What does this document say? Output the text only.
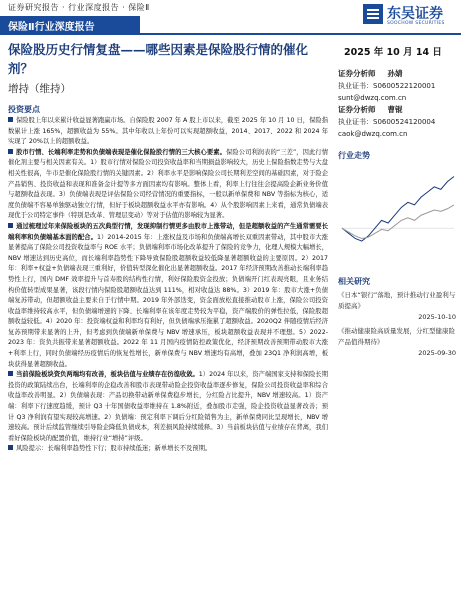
证券研究报告 · 行业深度报告 · 保险Ⅱ
保险Ⅱ行业深度报告
东吴证券
SOOCHOW SECURITIES
保险股历史行情复盘——哪些因素是保险股行情的催化剂？
增持（维持）
2025 年 10 月 14 日
证券分析师 孙婧
执业证书：S0600522120001
sunt@dwzq.com.cn
证券分析师 曹锟
执业证书：S0600524120004
caok@dwzq.com.cn
投资要点

保险股上年以来累计收益显著跑赢市场。自保险股 2007 年 A 股上市以来，截至 2025 年 10 月 10 日，保险指数累计上涨 165%，超额收益为 55%。其中年收以上年份可以实现超额收益，2014、2017、2022 和 2024 年实现了 20%以上的超额收益。

股市行情、长端利率走势和负债端表现是催化保险股行情的三大核心要素。保险公司利润表的“三差”，因此行情催化剂主要与相关因素有关。1）股市行情对保险公司投资收益率和当期损益影响较大，历史上保险指数走势与大盘相关性很高，牛市是催化保险股行情的关键因素。2）利率水平是影响保险公司长期利差空间的基础因素，对于险企产品销售、投资收益和表现和准备金计提等多方面因素均有影响。整体上看，利率上行往往会提高险企新业务价值与超额收益表现。3）负债端表现是评估保险公司经营情况的重要指标，一般以新单保费和 NBV 等指标为核心，适度负债端不容易单独驱动独立行情，但好于板块超额收益水平亦有影响。4）从个股影响因素上来看，通常负债端表现优于公司特定事件（特别是改革、管理层变动）等对于估值的影响较为显著。

通过梳理过年来保险板块的五次典型行情，发现抑制行情更多由股市上涨带动，但是超额收益的产生通常需要长端利率和负债端基本面的配合。1）2014-2015 年：上涨权益及市场和负债端高增长双重因素带动，其中股市大涨显著提高了保险公司投资收益率与 ROE 水平；负债端利率市场化改革提升了保险的竞争力，化理人规模大幅增长，NBV 增速达到历史高位，而长端利率趋势性下降导致保险股超额收益较低降显著超额收益的主要原因。2）2017 年：利率+权益+负债端表现三重利好，价值转型深化催化出显著超额收益。2017 年经济预期改善推动长端利率趋势性上行，国内 DMF 效率提升与首寿股的结构性行情，利好保险股资金投放；负债端开门红表现亮眼，且业务结构价值转型成果显著，该段行情内保险股超额收益达到 111%，相对收益达 88%。3）2019 年：股市大涨+负债端复苏带动，但超额收益主要来自于行情中期。2019 年外部迭变，资金面放松直接推动股市上涨，保险公司投资收益率维持较高水平，但负债端增速的下降、长端利率在该年度走势较为平稳，资产端股价的弹性拉低，保险股超额收益较低。4）2020 年：投资端权益和利率均有利好，但负债端承压拖累了超额收益。2020Q2 伴随疫情后经济复苏预期带来显著的上升，但考虑到负债端新单保费与 NBV 增速承压，板块超额收益表现并不理想。5）2022-2023 年：资负共振带来显著超额收益。2022 年 11 月国内疫情防控政策优化，经济预期改善预期带动股市大涨+利率上行，同时负债端经历疫情后的恢复性增长，新单保费与 NBV 增速均有高增，叠加 23Q1 净利润高增，板块获得显著超额收益。

当前保险板块资负两端均有改善，板块估值与业绩存在彷徨收敛。1）2024 年以来，资产端国家支持和保险长期投资的政策陆续出台，长端利率的企稳改善和股市表现带动险企投资收益率逐步修复，保险公司投资收益率和综合收益率改善明显。2）负债端表现：产品切换带动新单保费稳步增长，分红险占比提升，NBV 增速较高。1）资产端：利率下行速度趋缓，预计 Q3 十年国债收益率维持在 1.8%附近，叠加股市走强，险企投资收益显著改善；预计 Q3 净利润有望实现较高增速。2）负债端：预定利率下调后分红险销售为主，新单保费同比呈现增长，NBV 增速较高。预计后续监管继续引导险企降低负债成本，利差损风险持续缓释。3）当前板块估值与业绩存在背离，我们看好保险板块的配置价值，维持行业“增持”评级。

风险提示：长端利率趋势性下行；股市持续低迷；新单增长不及预期。

行业走势
相关研究
《日本“银行”落地，预计推动行业盈利与质提高》
2025-10-10
《推动健康险高质量发展，分红型健康险产品值得期待》
2025-09-30
